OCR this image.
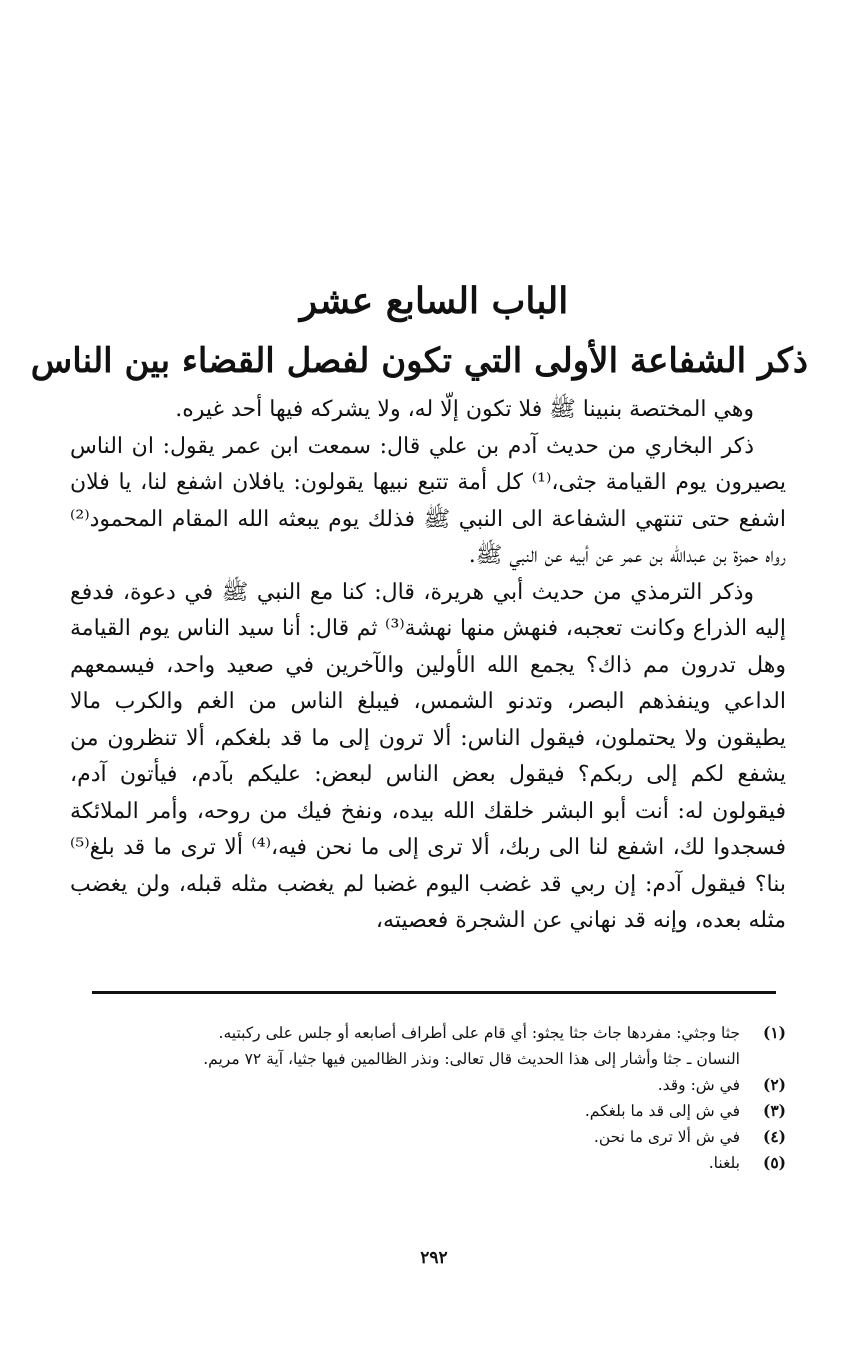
الباب السابع عشر
ذكر الشفاعة الأولى التي تكون لفصل القضاء بين الناس

وهي المختصة بنبينا ﷺ فلا تكون إلّا له، ولا يشركه فيها أحد غيره.

ذكر البخاري من حديث آدم بن علي قال: سمعت ابن عمر يقول: ان الناس يصيرون يوم القيامة جثى،⁽¹⁾ كل أمة تتبع نبيها يقولون: يافلان اشفع لنا، يا فلان اشفع حتى تنتهي الشفاعة الى النبي ﷺ فذلك يوم يبعثه الله المقام المحمود⁽²⁾ رواه حمزة بن عبدالله بن عمر عن أبيه عن النبي ﷺ.

وذكر الترمذي من حديث أبي هريرة، قال: كنا مع النبي ﷺ في دعوة، فدفع إليه الذراع وكانت تعجبه، فنهش منها نهشة⁽³⁾ ثم قال: أنا سيد الناس يوم القيامة وهل تدرون مم ذاك؟ يجمع الله الأولين والآخرين في صعيد واحد، فيسمعهم الداعي وينفذهم البصر، وتدنو الشمس، فيبلغ الناس من الغم والكرب مالا يطيقون ولا يحتملون، فيقول الناس: ألا ترون إلى ما قد بلغكم، ألا تنظرون من يشفع لكم إلى ربكم؟ فيقول بعض الناس لبعض: عليكم بآدم، فيأتون آدم، فيقولون له: أنت أبو البشر خلقك الله بيده، ونفخ فيك من روحه، وأمر الملائكة فسجدوا لك، اشفع لنا الى ربك، ألا ترى إلى ما نحن فيه،⁽⁴⁾ ألا ترى ما قد بلغ⁽⁵⁾ بنا؟ فيقول آدم: إن ربي قد غضب اليوم غضبا لم يغضب مثله قبله، ولن يغضب مثله بعده، وإنه قد نهاني عن الشجرة فعصيته،

(١)
جثا وجثي: مفردها جاث جثا يجثو: أي قام على أطراف أصابعه أو جلس على ركبتيه.
النسان ـ جثا وأشار إلى هذا الحديث قال تعالى: ونذر الظالمين فيها جثيا، آية ٧٢ مريم.
(٢)
في ش: وقد.
(٣)
في ش إلى قد ما بلغكم.
(٤)
في ش ألا ترى ما نحن.
(٥)
بلغنا.
٢٩٢
